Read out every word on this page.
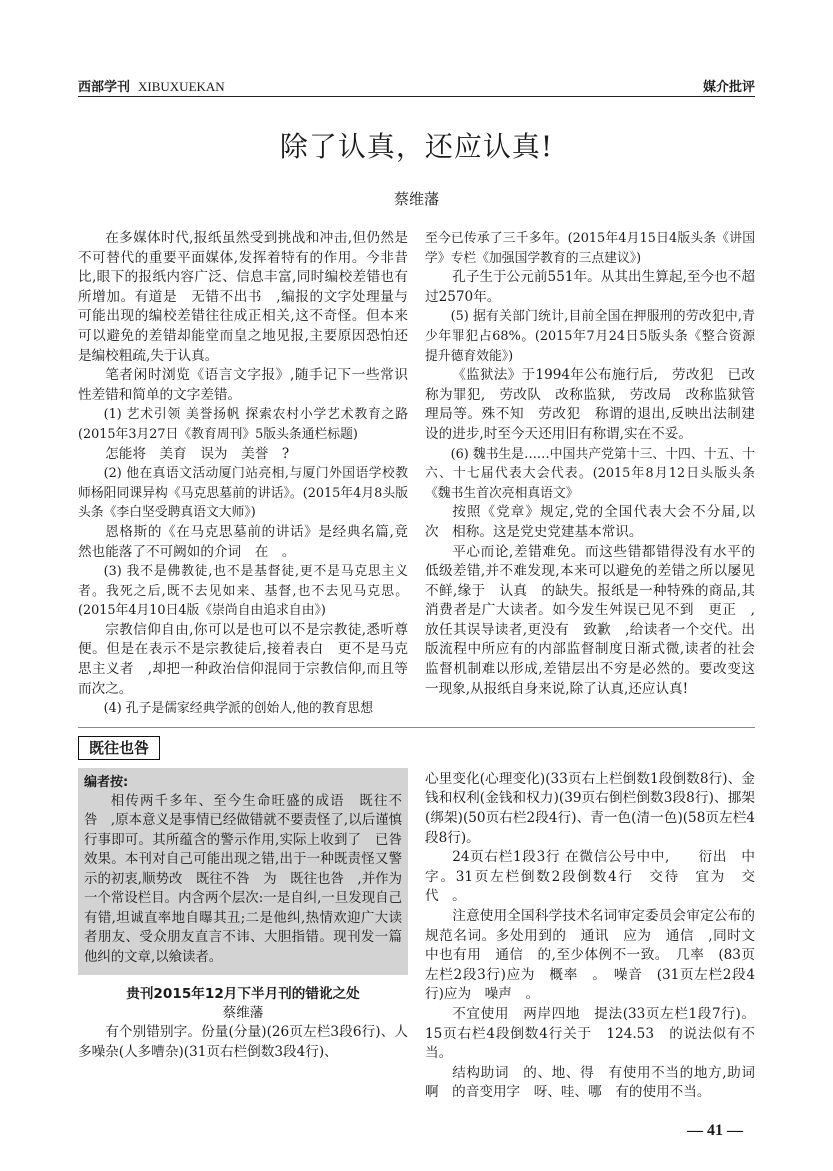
西部学刊 XIBUXUEKAN	媒介批评
除了认真，还应认真!
蔡维藩

在多媒体时代,报纸虽然受到挑战和冲击,但仍然是不可替代的重要平面媒体,发挥着特有的作用。今非昔比,眼下的报纸内容广泛、信息丰富,同时编校差错也有所增加。有道是　无错不出书　,编报的文字处理量与可能出现的编校差错往往成正相关,这不奇怪。但本来可以避免的差错却能堂而皇之地见报,主要原因恐怕还是编校粗疏,失于认真。

笔者闲时浏览《语言文字报》,随手记下一些常识性差错和简单的文字差错。

(1) 艺术引领 美誉扬帆 探索农村小学艺术教育之路(2015年3月27日《教育周刊》5版头条通栏标题)

怎能将　美育　误为　美誉　?

(2) 他在真语文活动厦门站亮相,与厦门外国语学校教师杨阳同课异构《马克思墓前的讲话》。(2015年4月8头版头条《李白坚受聘真语文大师》)

恩格斯的《在马克思墓前的讲话》是经典名篇,竟然也能落了不可阙如的介词　在　。

(3) 我不是佛教徒,也不是基督徒,更不是马克思主义者。我死之后,既不去见如来、基督,也不去见马克思。(2015年4月10日4版《崇尚自由追求自由》)

宗教信仰自由,你可以是也可以不是宗教徒,悉听尊便。但是在表示不是宗教徒后,接着表白　更不是马克思主义者　,却把一种政治信仰混同于宗教信仰,而且等而次之。

(4) 孔子是儒家经典学派的创始人,他的教育思想

至今已传承了三千多年。(2015年4月15日4版头条《讲国学》专栏《加强国学教育的三点建议》)

孔子生于公元前551年。从其出生算起,至今也不超过2570年。

(5) 据有关部门统计,目前全国在押服刑的劳改犯中,青少年罪犯占68%。(2015年7月24日5版头条《整合资源 提升德育效能》)

《监狱法》于1994年公布施行后,　劳改犯　已改称为罪犯,　劳改队　改称监狱,　劳改局　改称监狱管理局等。殊不知　劳改犯　称谓的退出,反映出法制建设的进步,时至今天还用旧有称谓,实在不妥。

(6) 魏书生是……中国共产党第十三、十四、十五、十六、十七届代表大会代表。(2015年8月12日头版头条《魏书生首次亮相真语文》

按照《党章》规定,党的全国代表大会不分届,以　次　相称。这是党史党建基本常识。

平心而论,差错难免。而这些错都错得没有水平的低级差错,并不难发现,本来可以避免的差错之所以屡见不鲜,缘于　认真　的缺失。报纸是一种特殊的商品,其消费者是广大读者。如今发生舛误已见不到　更正　,放任其误导读者,更没有　致歉　,给读者一个交代。出版流程中所应有的内部监督制度日渐式微,读者的社会监督机制难以形成,差错层出不穷是必然的。要改变这一现象,从报纸自身来说,除了认真,还应认真!

既往也咎
编者按:

相传两千多年、至今生命旺盛的成语　既往不咎　,原本意义是事情已经做错就不要责怪了,以后谨慎行事即可。其所蕴含的警示作用,实际上收到了　已咎　效果。本刊对自己可能出现之错,出于一种既责怪又警示的初衷,顺势改　既往不咎　为　既往也咎　,并作为一个常设栏目。内含两个层次:一是自纠,一旦发现自己有错,坦诚直率地自曝其丑;二是他纠,热情欢迎广大读者朋友、受众朋友直言不讳、大胆指错。现刊发一篇他纠的文章,以飨读者。

贵刊2015年12月下半月刊的错讹之处
蔡维藩

有个别错别字。份量(分量)(26页左栏3段6行)、人多噪杂(人多嘈杂)(31页右栏倒数3段4行)、

心里变化(心理变化)(33页右上栏倒数1段倒数8行)、金钱和权利(金钱和权力)(39页右倒栏倒数3段8行)、挪架(绑架)(50页右栏2段4行)、青一色(清一色)(58页左栏4段8行)。

24页右栏1段3行 在微信公号中中,　　衍出　中　字。31页左栏倒数2段倒数4行　交待　宜为　交代　。

注意使用全国科学技术名词审定委员会审定公布的规范名词。多处用到的　通讯　应为　通信　,同时文中也有用　通信　的,至少体例不一致。　几率　(83页左栏2段3行)应为　概率　。　噪音　(31页左栏2段4行)应为　噪声　。

不宜使用　两岸四地　提法(33页左栏1段7行)。15页右栏4段倒数4行关于　124.53　的说法似有不当。

结构助词　的、地、得　有使用不当的地方,助词　啊　的音变用字　呀、哇、哪　有的使用不当。

— 41 —
